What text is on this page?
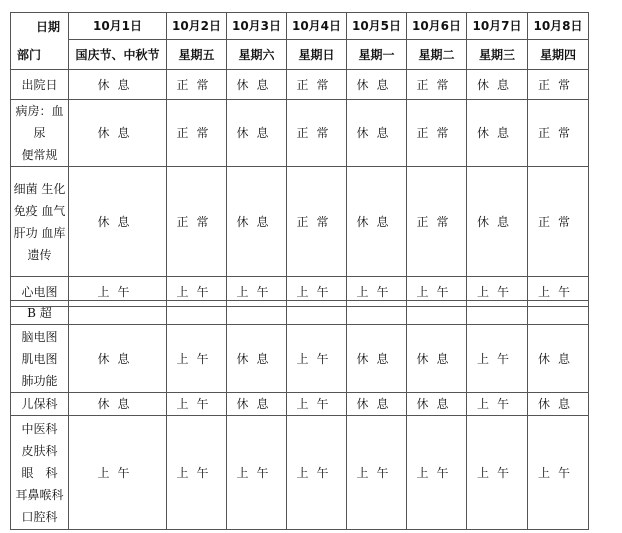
日期
部门	10月1日	10月2日	10月3日	10月4日	10月5日	10月6日	10月7日	10月8日
	国庆节、中秋节	星期五	星期六	星期日	星期一	星期二	星期三	星期四

出院日	休息	正常	休息	正常	休息	正常	休息	正常

病房：血尿
便常规	休息	正常	休息	正常	休息	正常	休息	正常

细菌 生化
免疫 血气
肝功 血库
遗传	休息	正常	休息	正常	休息	正常	休息	正常

心电图	上午	上午	上午	上午	上午	上午	上午	上午
B 超								

脑电图
肌电图
肺功能	休息	上午	休息	上午	休息	休息	上午	休息

儿保科	休息	上午	休息	上午	休息	休息	上午	休息

中医科
皮肤科
眼　科
耳鼻喉科
口腔科	上午	上午	上午	上午	上午	上午	上午	上午
